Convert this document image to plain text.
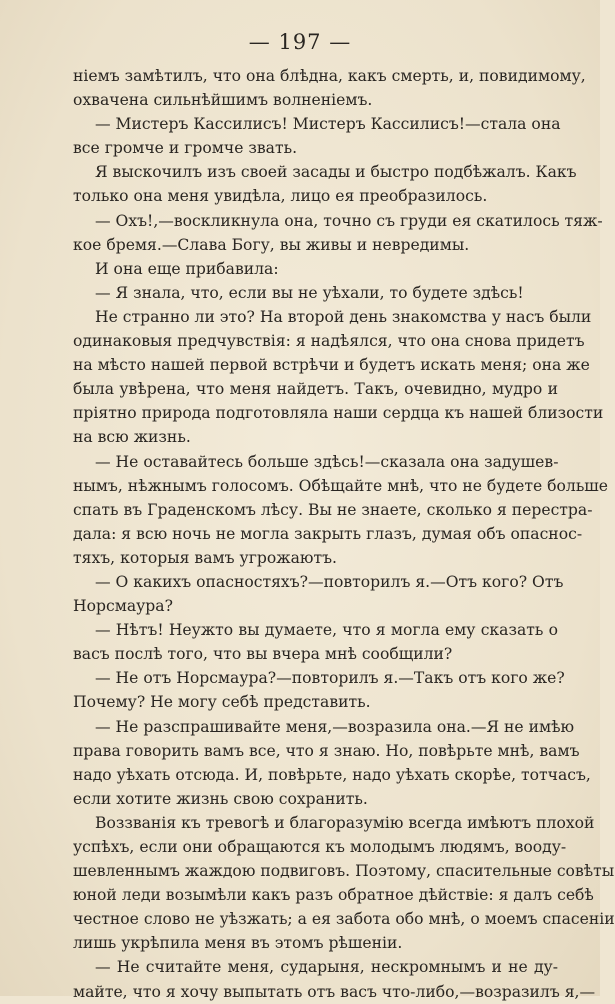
— 197 —
ніемъ замѣтилъ, что она блѣдна, какъ смерть, и, повидимому,
охвачена сильнѣйшимъ волненіемъ.
— Мистеръ Кассилисъ! Мистеръ Кассилисъ!—стала она
все громче и громче звать.
Я выскочилъ изъ своей засады и быстро подбѣжалъ. Какъ
только она меня увидѣла, лицо ея преобразилось.
— Охъ!,—воскликнула она, точно съ груди ея скатилось тяж-
кое бремя.—Слава Богу, вы живы и невредимы.
И она еще прибавила:
— Я знала, что, если вы не уѣхали, то будете здѣсь!
Не странно ли это? На второй день знакомства у насъ были
одинаковыя предчувствія: я надѣялся, что она снова придетъ
на мѣсто нашей первой встрѣчи и будетъ искать меня; она же
была увѣрена, что меня найдетъ. Такъ, очевидно, мудро и
пріятно природа подготовляла наши сердца къ нашей близости
на всю жизнь.
— Не оставайтесь больше здѣсь!—сказала она задушев-
нымъ, нѣжнымъ голосомъ. Обѣщайте мнѣ, что не будете больше
спать въ Граденскомъ лѣсу. Вы не знаете, сколько я перестра-
дала: я всю ночь не могла закрыть глазъ, думая объ опаснос-
тяхъ, которыя вамъ угрожаютъ.
— О какихъ опасностяхъ?—повторилъ я.—Отъ кого? Отъ
Норсмаура?
— Нѣтъ! Неужто вы думаете, что я могла ему сказать о
васъ послѣ того, что вы вчера мнѣ сообщили?
— Не отъ Норсмаура?—повторилъ я.—Такъ отъ кого же?
Почему? Не могу себѣ представить.
— Не разспрашивайте меня,—возразила она.—Я не имѣю
права говорить вамъ все, что я знаю. Но, повѣрьте мнѣ, вамъ
надо уѣхать отсюда. И, повѣрьте, надо уѣхать скорѣе, тотчасъ,
если хотите жизнь свою сохранить.
Воззванія къ тревогѣ и благоразумію всегда имѣютъ плохой
успѣхъ, если они обращаются къ молодымъ людямъ, вооду-
шевленнымъ жаждою подвиговъ. Поэтому, спасительные совѣты
юной леди возымѣли какъ разъ обратное дѣйствіе: я далъ себѣ
честное слово не уѣзжать; а ея забота обо мнѣ, о моемъ спасеніи
лишь укрѣпила меня въ этомъ рѣшеніи.
— Не считайте меня, сударыня, нескромнымъ и не ду-
майте, что я хочу выпытать отъ васъ что-либо,—возразилъ я,—
